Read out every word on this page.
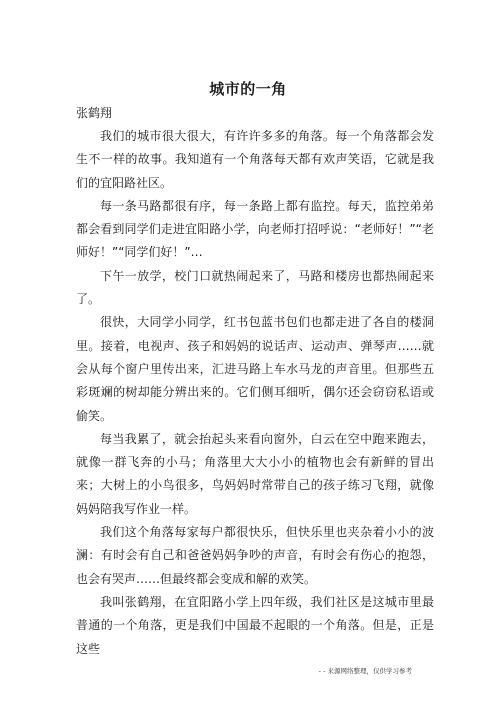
城市的一角

张鹤翔

我们的城市很大很大，有许许多多的角落。每一个角落都会发生不一样的故事。我知道有一个角落每天都有欢声笑语，它就是我们的宜阳路社区。

每一条马路都很有序，每一条路上都有监控。每天，监控弟弟都会看到同学们走进宜阳路小学，向老师打招呼说：“老师好！”“老师好！”“同学们好！”…

下午一放学，校门口就热闹起来了，马路和楼房也都热闹起来了。

很快，大同学小同学，红书包蓝书包们也都走进了各自的楼洞里。接着，电视声、孩子和妈妈的说话声、运动声、弹琴声……就会从每个窗户里传出来，汇进马路上车水马龙的声音里。但那些五彩斑斓的树却能分辨出来的。它们侧耳细听，偶尔还会窃窃私语或偷笑。

每当我累了，就会抬起头来看向窗外，白云在空中跑来跑去，就像一群飞奔的小马；角落里大大小小的植物也会有新鲜的冒出来；大树上的小鸟很多，鸟妈妈时常带自己的孩子练习飞翔，就像妈妈陪我写作业一样。

我们这个角落每家每户都很快乐，但快乐里也夹杂着小小的波澜：有时会有自己和爸爸妈妈争吵的声音，有时会有伤心的抱怨，也会有哭声……但最终都会变成和解的欢笑。

我叫张鹤翔，在宜阳路小学上四年级，我们社区是这城市里最普通的一个角落，更是我们中国最不起眼的一个角落。但是，正是这些

- - 来源网络整理，仅供学习参考
